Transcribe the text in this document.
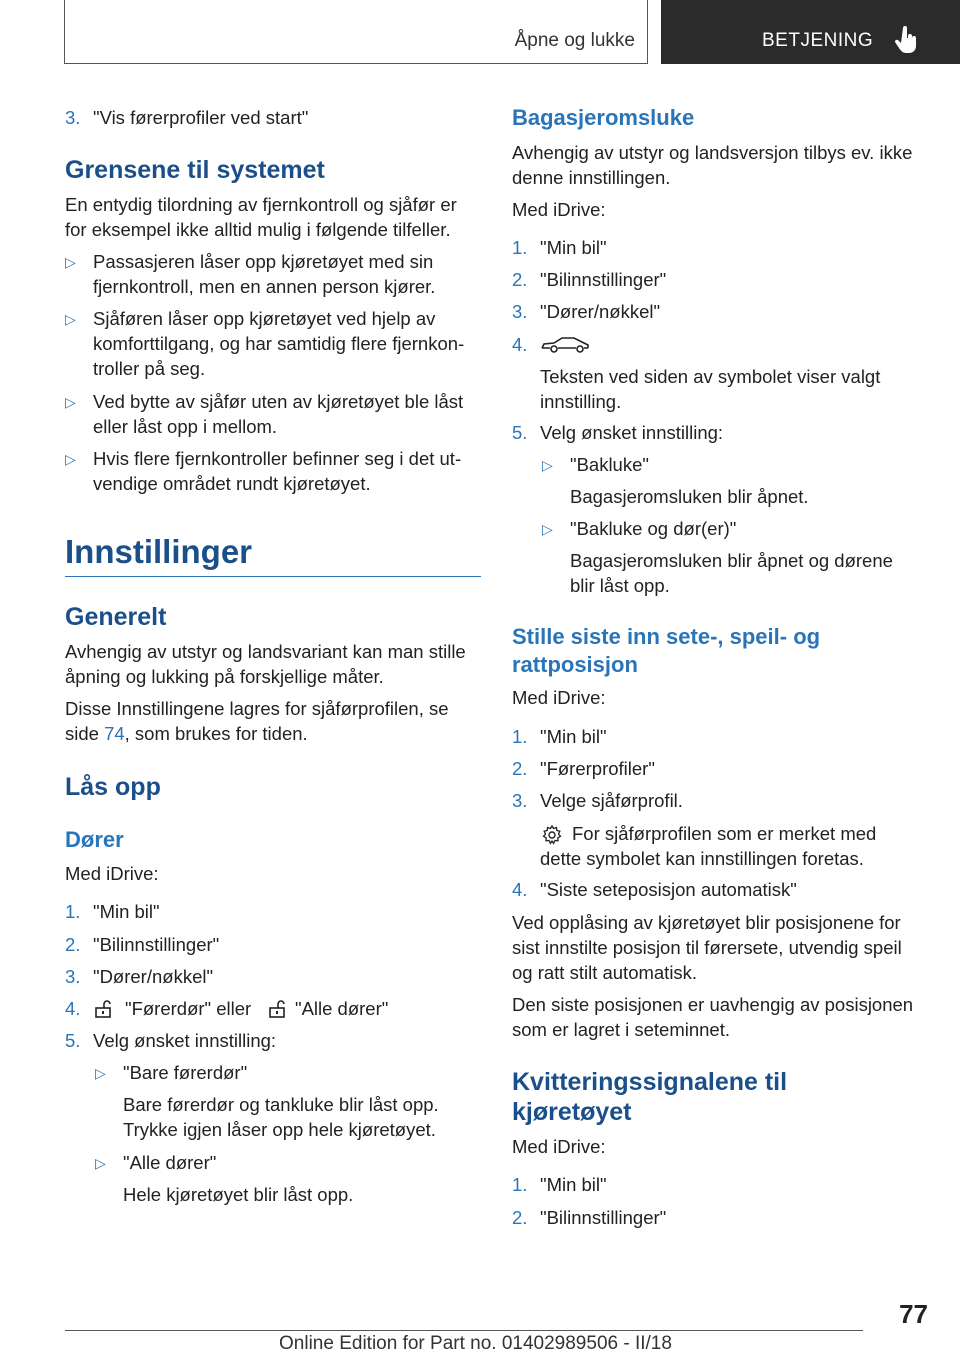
Åpne og lukke	BETJENING
3. "Vis førerprofiler ved start"
Grensene til systemet

En entydig tilordning av fjernkontroll og sjåfør er

for eksempel ikke alltid mulig i følgende tilfeller.

▷ Passasjeren låser opp kjøretøyet med sin

fjernkontroll, men en annen person kjører.

▷ Sjåføren låser opp kjøretøyet ved hjelp av

komforttilgang, og har samtidig flere fjernkon-

troller på seg.

▷ Ved bytte av sjåfør uten av kjøretøyet ble låst

eller låst opp i mellom.

▷ Hvis flere fjernkontroller befinner seg i det ut-

vendige området rundt kjøretøyet.

Innstillinger
Generelt

Avhengig av utstyr og landsvariant kan man stille

åpning og lukking på forskjellige måter.

Disse Innstillingene lagres for sjåførprofilen, se

side 74, som brukes for tiden.

Lås opp
Dører
Med iDrive:
1. "Min bil"
2. "Bilinnstillinger"
3. "Dører/nøkkel"
4. "Førerdør" eller "Alle dører"
5. Velg ønsket innstilling:
▷ "Bare førerdør"

Bare førerdør og tankluke blir låst opp.

Trykke igjen låser opp hele kjøretøyet.

▷ "Alle dører"

Hele kjøretøyet blir låst opp.

Bagasjeromsluke

Avhengig av utstyr og landsversjon tilbys ev. ikke

denne innstillingen.

Med iDrive:
1. "Min bil"
2. "Bilinnstillinger"
3. "Dører/nøkkel"
4.

Teksten ved siden av symbolet viser valgt

innstilling.

5. Velg ønsket innstilling:
▷ "Bakluke"

Bagasjeromsluken blir åpnet.

▷ "Bakluke og dør(er)"

Bagasjeromsluken blir åpnet og dørene

blir låst opp.

Stille siste inn sete-, speil- og

rattposisjon

Med iDrive:
1. "Min bil"
2. "Førerprofiler"
3. Velge sjåførprofil.

For sjåførprofilen som er merket med

dette symbolet kan innstillingen foretas.

4. "Siste seteposisjon automatisk"

Ved opplåsing av kjøretøyet blir posisjonene for

sist innstilte posisjon til førersete, utvendig speil

og ratt stilt automatisk.

Den siste posisjonen er uavhengig av posisjonen

som er lagret i seteminnet.

Kvitteringssignalene til

kjøretøyet

Med iDrive:
1. "Min bil"
2. "Bilinnstillinger"
77
Online Edition for Part no. 01402989506 - II/18
